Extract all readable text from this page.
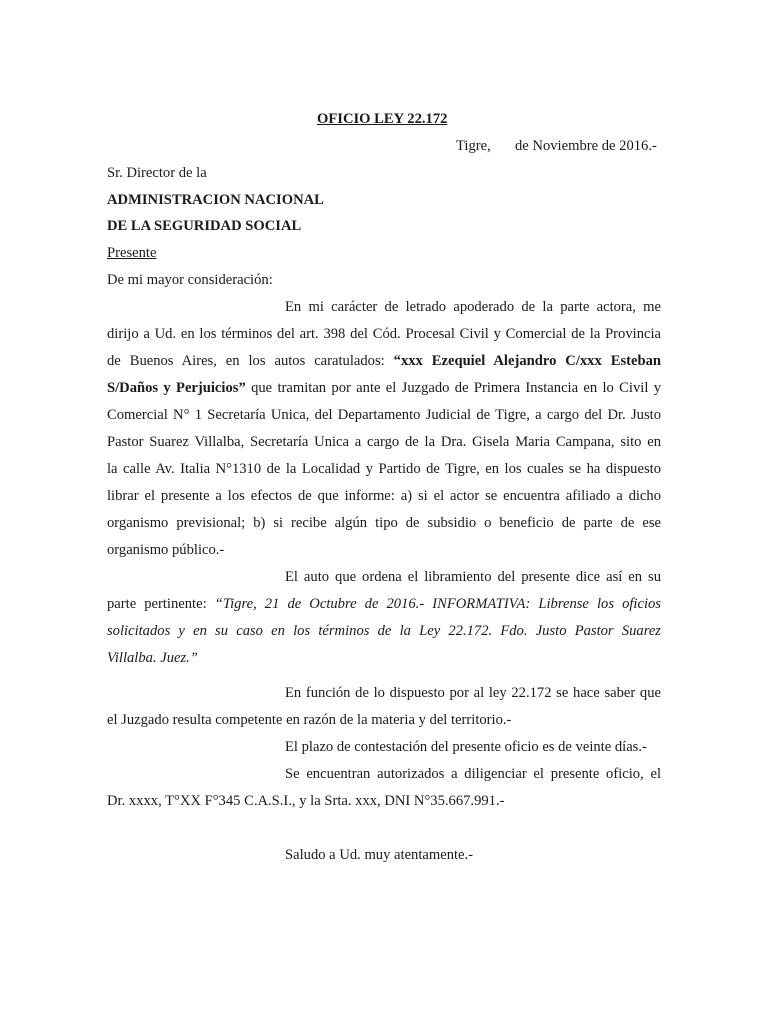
OFICIO LEY 22.172
Tigre, de Noviembre de 2016.-
Sr. Director de la
ADMINISTRACION NACIONAL
DE LA SEGURIDAD SOCIAL
Presente
De mi mayor consideración:
En mi carácter de letrado apoderado de la parte actora, me
dirijo a Ud. en los términos del art. 398 del Cód. Procesal Civil y Comercial de la Provincia
de Buenos Aires, en los autos caratulados: “xxx Ezequiel Alejandro C/xxx Esteban
S/Daños y Perjuicios” que tramitan por ante el Juzgado de Primera Instancia en lo Civil y
Comercial N° 1 Secretaría Unica, del Departamento Judicial de Tigre, a cargo del Dr. Justo
Pastor Suarez Villalba, Secretaría Unica a cargo de la Dra. Gisela Maria Campana, sito en
la calle Av. Italia N°1310 de la Localidad y Partido de Tigre, en los cuales se ha dispuesto
librar el presente a los efectos de que informe: a) si el actor se encuentra afiliado a dicho
organismo previsional; b) si recibe algún tipo de subsidio o beneficio de parte de ese
organismo público.-
El auto que ordena el libramiento del presente dice así en su
parte pertinente: “Tigre, 21 de Octubre de 2016.- INFORMATIVA: Librense los oficios
solicitados y en su caso en los términos de la Ley 22.172. Fdo. Justo Pastor Suarez
Villalba. Juez.”
En función de lo dispuesto por al ley 22.172 se hace saber que
el Juzgado resulta competente en razón de la materia y del territorio.-
El plazo de contestación del presente oficio es de veinte días.-
Se encuentran autorizados a diligenciar el presente oficio, el
Dr. xxxx, T°XX F°345 C.A.S.I., y la Srta. xxx, DNI N°35.667.991.-
Saludo a Ud. muy atentamente.-
